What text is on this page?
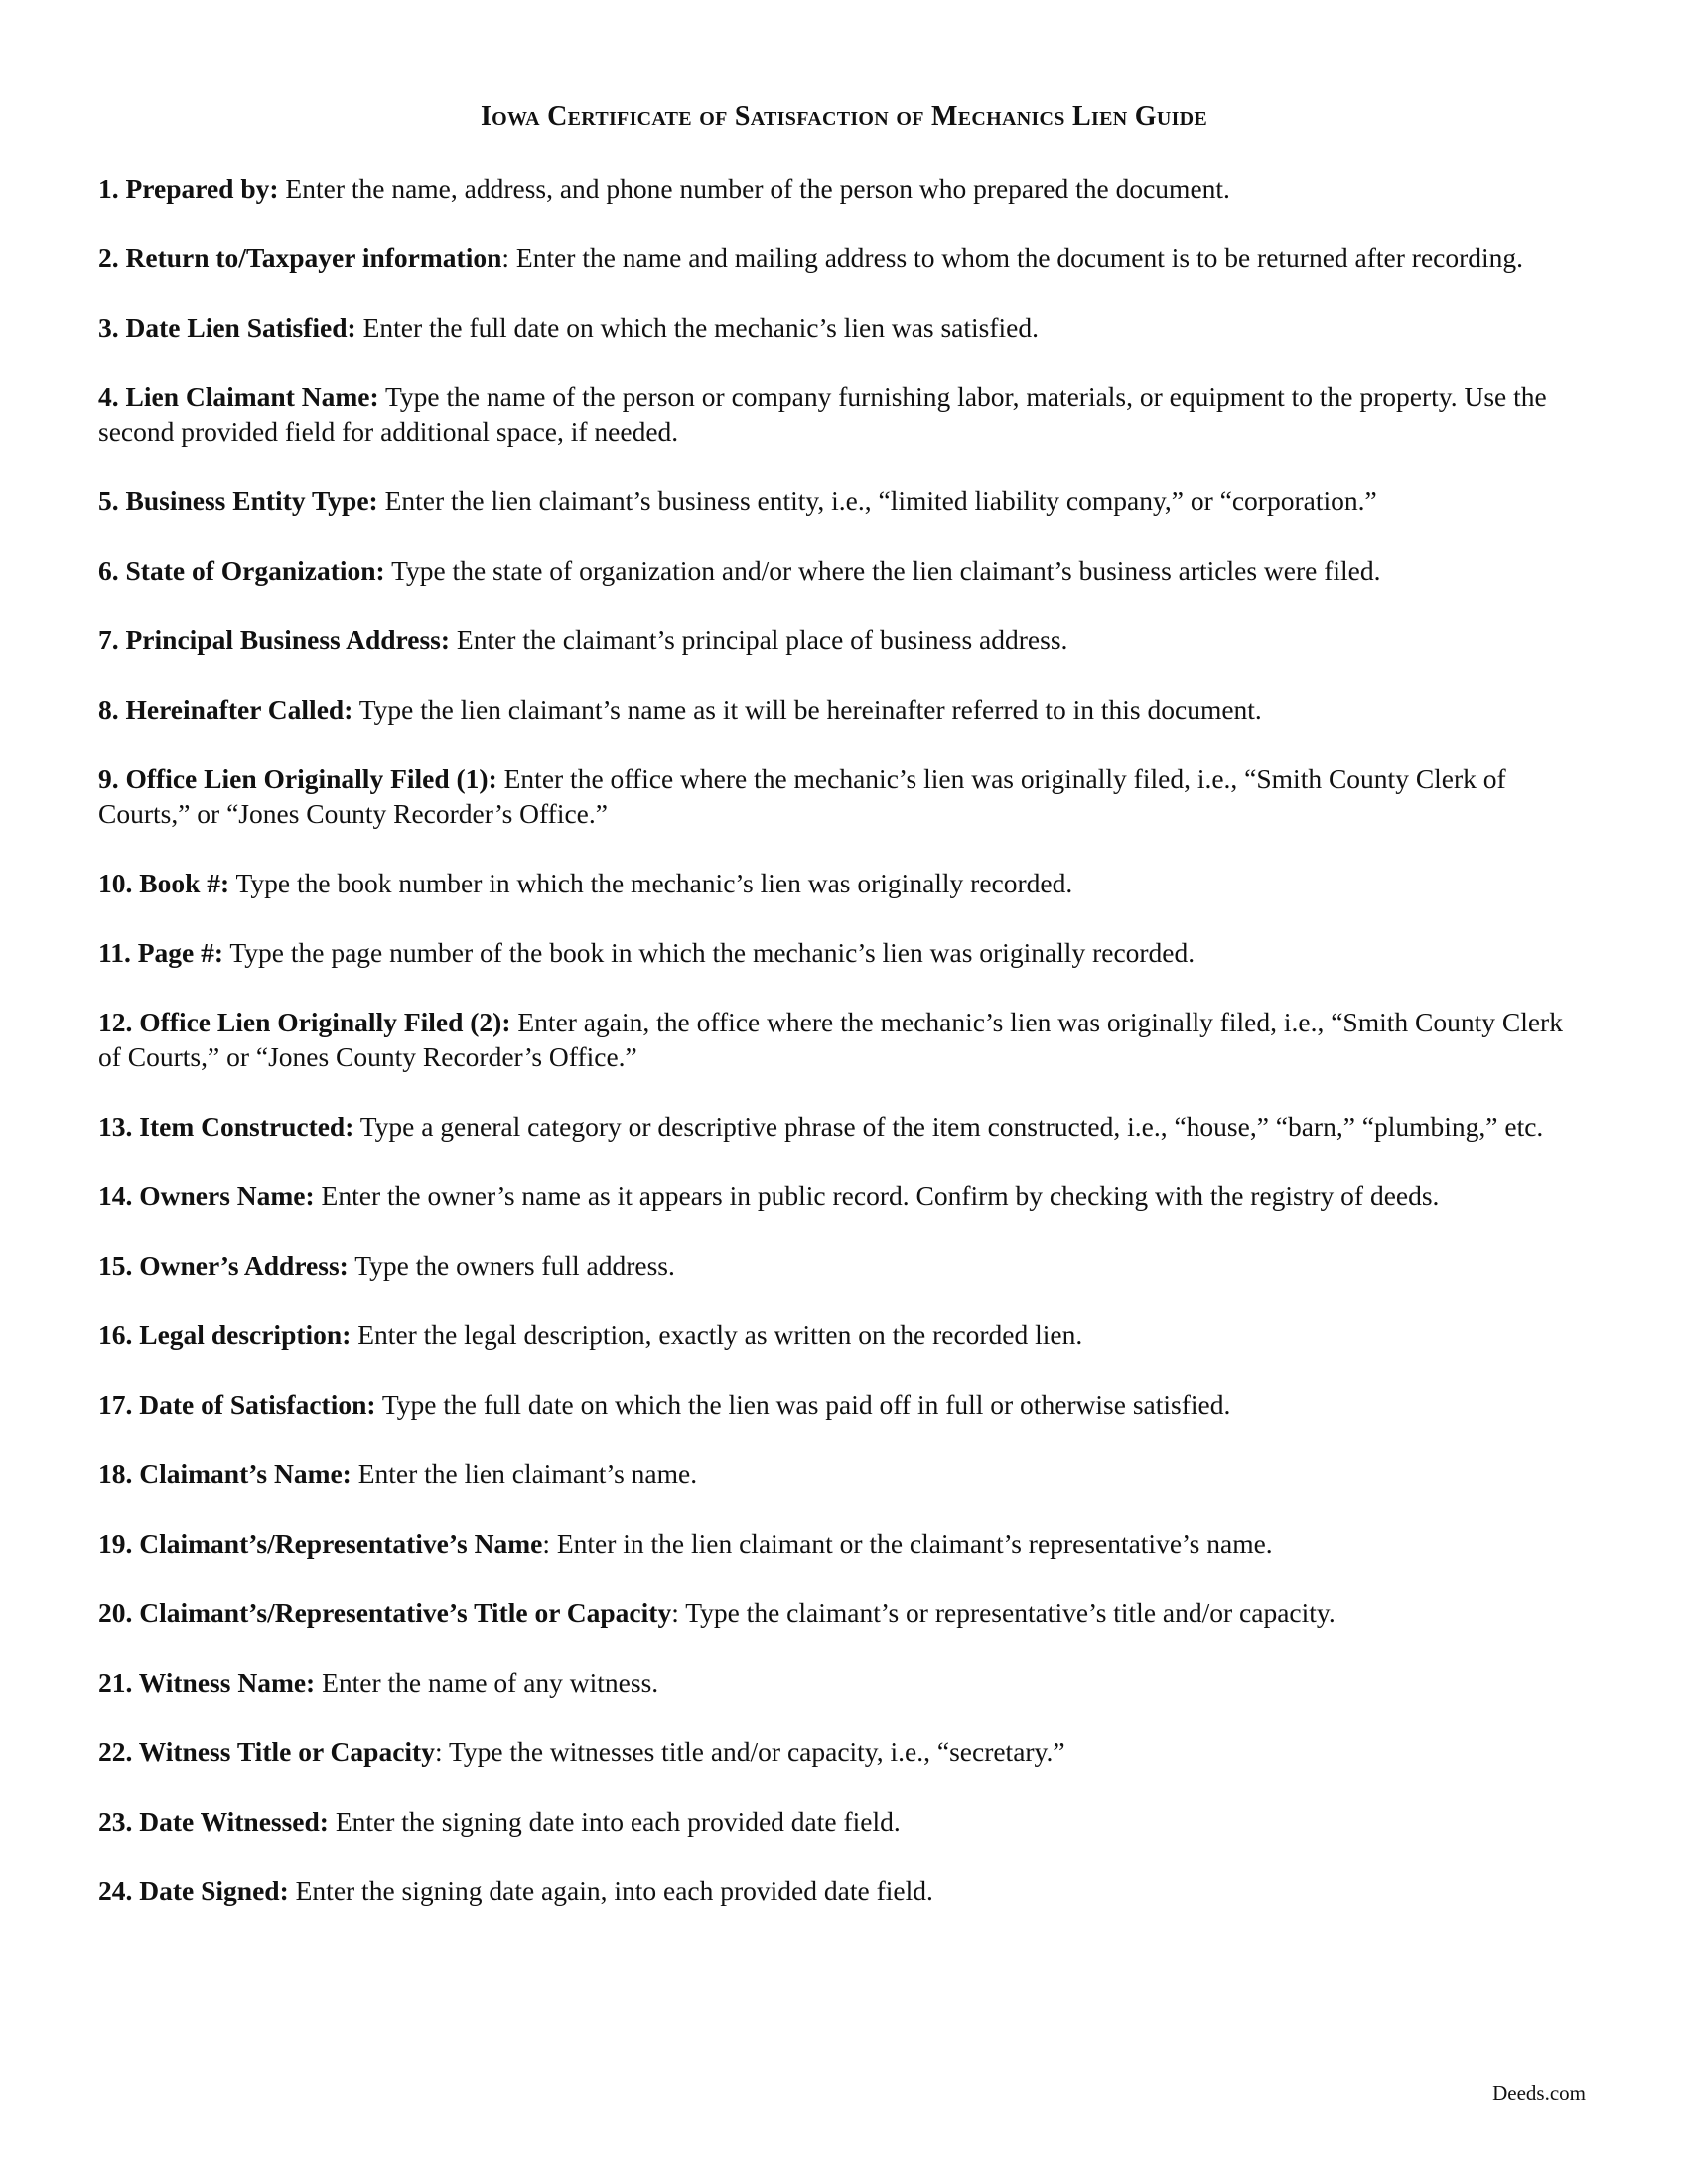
Iowa Certificate of Satisfaction of Mechanics Lien Guide
1. Prepared by: Enter the name, address, and phone number of the person who prepared the document.
2. Return to/Taxpayer information: Enter the name and mailing address to whom the document is to be returned after recording.
3. Date Lien Satisfied: Enter the full date on which the mechanic’s lien was satisfied.
4. Lien Claimant Name: Type the name of the person or company furnishing labor, materials, or equipment to the property. Use the second provided field for additional space, if needed.
5. Business Entity Type: Enter the lien claimant’s business entity, i.e., “limited liability company,” or “corporation.”
6. State of Organization: Type the state of organization and/or where the lien claimant’s business articles were filed.
7. Principal Business Address: Enter the claimant’s principal place of business address.
8. Hereinafter Called: Type the lien claimant’s name as it will be hereinafter referred to in this document.
9. Office Lien Originally Filed (1): Enter the office where the mechanic’s lien was originally filed, i.e., “Smith County Clerk of Courts,” or “Jones County Recorder’s Office.”
10. Book #: Type the book number in which the mechanic’s lien was originally recorded.
11. Page #: Type the page number of the book in which the mechanic’s lien was originally recorded.
12. Office Lien Originally Filed (2): Enter again, the office where the mechanic’s lien was originally filed, i.e., “Smith County Clerk of Courts,” or “Jones County Recorder’s Office.”
13. Item Constructed: Type a general category or descriptive phrase of the item constructed, i.e., “house,” “barn,” “plumbing,” etc.
14. Owners Name: Enter the owner’s name as it appears in public record. Confirm by checking with the registry of deeds.
15. Owner’s Address: Type the owners full address.
16. Legal description: Enter the legal description, exactly as written on the recorded lien.
17. Date of Satisfaction: Type the full date on which the lien was paid off in full or otherwise satisfied.
18. Claimant’s Name: Enter the lien claimant’s name.
19. Claimant’s/Representative’s Name: Enter in the lien claimant or the claimant’s representative’s name.
20. Claimant’s/Representative’s Title or Capacity: Type the claimant’s or representative’s title and/or capacity.
21. Witness Name: Enter the name of any witness.
22. Witness Title or Capacity: Type the witnesses title and/or capacity, i.e., “secretary.”
23. Date Witnessed: Enter the signing date into each provided date field.
24. Date Signed: Enter the signing date again, into each provided date field.

Deeds.com
